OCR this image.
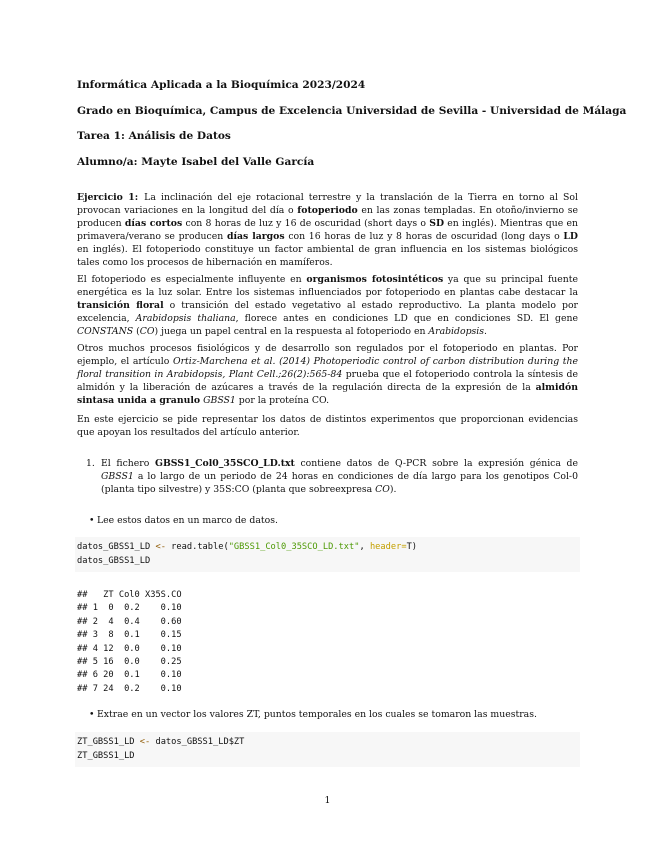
Informática Aplicada a la Bioquímica 2023/2024
Grado en Bioquímica, Campus de Excelencia Universidad de Sevilla - Universidad de Málaga
Tarea 1: Análisis de Datos
Alumno/a: Mayte Isabel del Valle García
Ejercicio 1: La inclinación del eje rotacional terrestre y la translación de la Tierra en torno al Sol provocan variaciones en la longitud del día o fotoperiodo en las zonas templadas. En otoño/invierno se producen días cortos con 8 horas de luz y 16 de oscuridad (short days o SD en inglés). Mientras que en primavera/verano se producen días largos con 16 horas de luz y 8 horas de oscuridad (long days o LD en inglés). El fotoperiodo constituye un factor ambiental de gran influencia en los sistemas biológicos tales como los procesos de hibernación en mamíferos.
El fotoperiodo es especialmente influyente en organismos fotosintéticos ya que su principal fuente energética es la luz solar. Entre los sistemas influenciados por fotoperiodo en plantas cabe destacar la transición floral o transición del estado vegetativo al estado reproductivo. La planta modelo por excelencia, Arabidopsis thaliana, florece antes en condiciones LD que en condiciones SD. El gene CONSTANS (CO) juega un papel central en la respuesta al fotoperiodo en Arabidopsis.
Otros muchos procesos fisiológicos y de desarrollo son regulados por el fotoperiodo en plantas. Por ejemplo, el artículo Ortiz-Marchena et al. (2014) Photoperiodic control of carbon distribution during the floral transition in Arabidopsis, Plant Cell.;26(2):565-84 prueba que el fotoperiodo controla la síntesis de almidón y la liberación de azúcares a través de la regulación directa de la expresión de la almidón sintasa unida a granulo GBSS1 por la proteína CO.
En este ejercicio se pide representar los datos de distintos experimentos que proporcionan evidencias que apoyan los resultados del artículo anterior.
1. El fichero GBSS1_Col0_35SCO_LD.txt contiene datos de Q-PCR sobre la expresión génica de GBSS1 a lo largo de un periodo de 24 horas en condiciones de día largo para los genotipos Col-0 (planta tipo silvestre) y 35S:CO (planta que sobreexpresa CO).
• Lee estos datos en un marco de datos.
datos_GBSS1_LD <- read.table("GBSS1_Col0_35SCO_LD.txt", header=T)
datos_GBSS1_LD
##   ZT Col0 X35S.CO
## 1  0  0.2    0.10
## 2  4  0.4    0.60
## 3  8  0.1    0.15
## 4 12  0.0    0.10
## 5 16  0.0    0.25
## 6 20  0.1    0.10
## 7 24  0.2    0.10
• Extrae en un vector los valores ZT, puntos temporales en los cuales se tomaron las muestras.
ZT_GBSS1_LD <- datos_GBSS1_LD$ZT
ZT_GBSS1_LD
1
